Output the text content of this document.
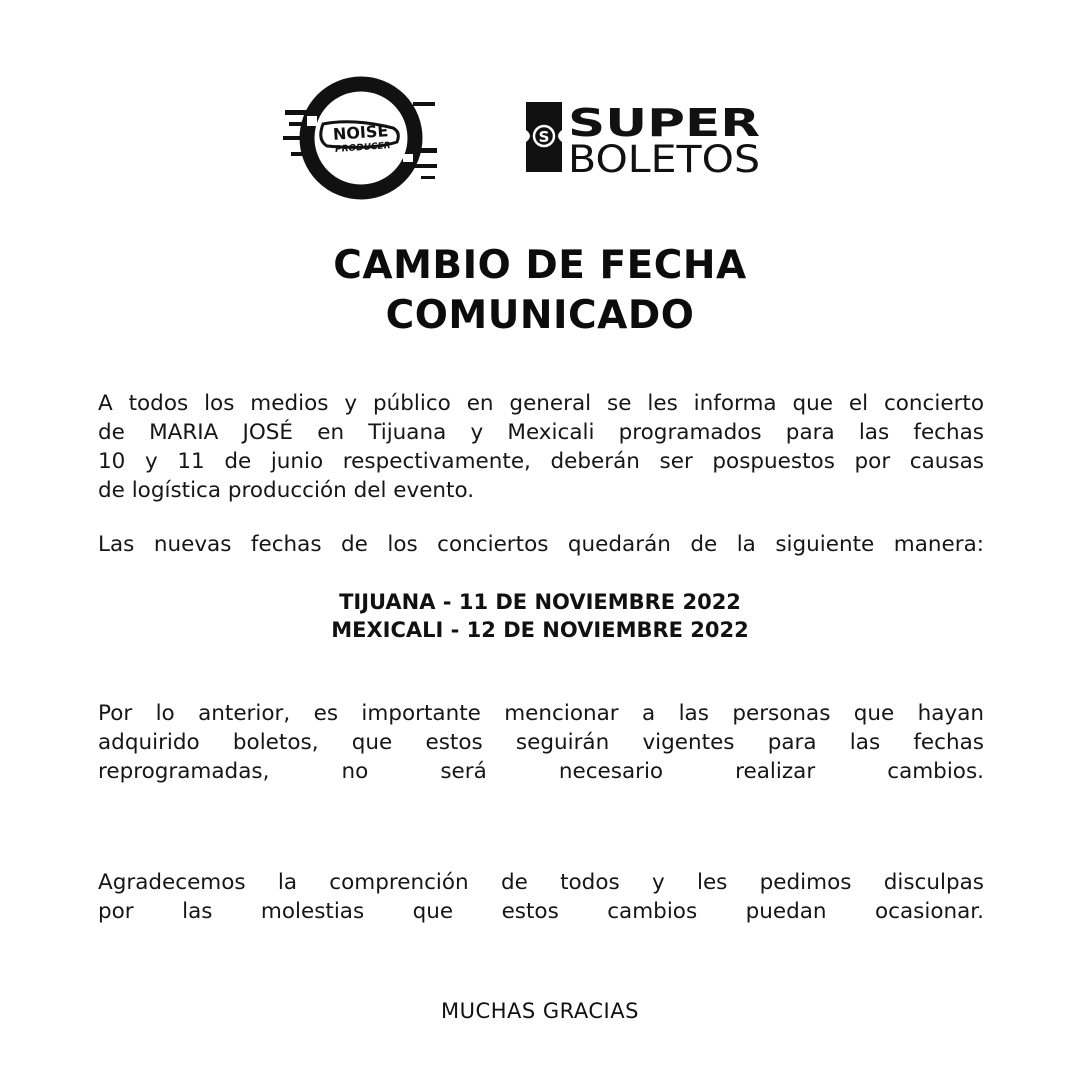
NOISE
PRODUCER
S SUPER
BOLETOS
CAMBIO DE FECHA
COMUNICADO
A todos los medios y público en general se les informa que el concierto
de MARIA JOSÉ en Tijuana y Mexicali programados para las fechas
10 y 11 de junio respectivamente, deberán ser pospuestos por causas
de logística producción del evento.
Las nuevas fechas de los conciertos quedarán de la siguiente manera:
TIJUANA - 11 DE NOVIEMBRE 2022
MEXICALI - 12 DE NOVIEMBRE 2022
Por lo anterior, es importante mencionar a las personas que hayan
adquirido boletos, que estos seguirán vigentes para las fechas
reprogramadas, no será necesario realizar cambios.
Agradecemos la comprención de todos y les pedimos disculpas
por las molestias que estos cambios puedan ocasionar.
MUCHAS GRACIAS
